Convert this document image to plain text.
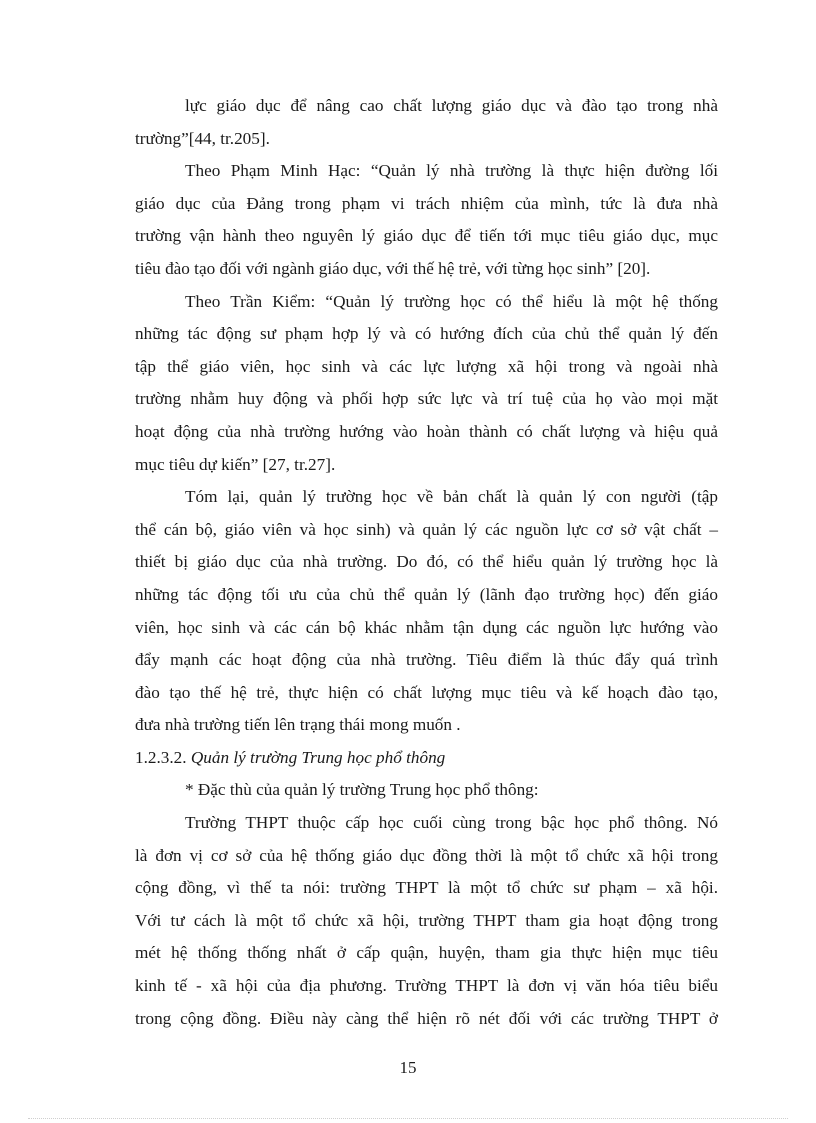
lực giáo dục để nâng cao chất lượng giáo dục và đào tạo trong nhà
trường”[44, tr.205].
Theo Phạm Minh Hạc: “Quản lý nhà trường là thực hiện đường lối
giáo dục của Đảng trong phạm vi trách nhiệm của mình, tức là đưa nhà
trường vận hành theo nguyên lý giáo dục để tiến tới mục tiêu giáo dục, mục
tiêu đào tạo đối với ngành giáo dục, với thế hệ trẻ, với từng học sinh” [20].
Theo Trần Kiểm: “Quản lý trường học có thể hiểu là một hệ thống
những tác động sư phạm hợp lý và có hướng đích của chủ thể quản lý đến
tập thể giáo viên, học sinh và các lực lượng xã hội trong và ngoài nhà
trường nhằm huy động và phối hợp sức lực và trí tuệ của họ vào mọi mặt
hoạt động của nhà trường hướng vào hoàn thành có chất lượng và hiệu quả
mục tiêu dự kiến” [27, tr.27].
Tóm lại, quản lý trường học về bản chất là quản lý con người (tập
thể cán bộ, giáo viên và học sinh) và quản lý các nguồn lực cơ sở vật chất –
thiết bị giáo dục của nhà trường. Do đó, có thể hiểu quản lý trường học là
những tác động tối ưu của chủ thể quản lý (lãnh đạo trường học) đến giáo
viên, học sinh và các cán bộ khác nhằm tận dụng các nguồn lực hướng vào
đẩy mạnh các hoạt động của nhà trường. Tiêu điểm là thúc đẩy quá trình
đào tạo thế hệ trẻ, thực hiện có chất lượng mục tiêu và kế hoạch đào tạo,
đưa nhà trường tiến lên trạng thái mong muốn .
1.2.3.2. Quản lý trường Trung học phổ thông
* Đặc thù của quản lý trường Trung học phổ thông:
Trường THPT thuộc cấp học cuối cùng trong bậc học phổ thông. Nó
là đơn vị cơ sở của hệ thống giáo dục đồng thời là một tổ chức xã hội trong
cộng đồng, vì thế ta nói: trường THPT là một tổ chức sư phạm – xã hội.
Với tư cách là một tổ chức xã hội, trường THPT tham gia hoạt động trong
mét hệ thống thống nhất ở cấp quận, huyện, tham gia thực hiện mục tiêu
kinh tế - xã hội của địa phương. Trường THPT là đơn vị văn hóa tiêu biểu
trong cộng đồng. Điều này càng thể hiện rõ nét đối với các trường THPT ở
15
